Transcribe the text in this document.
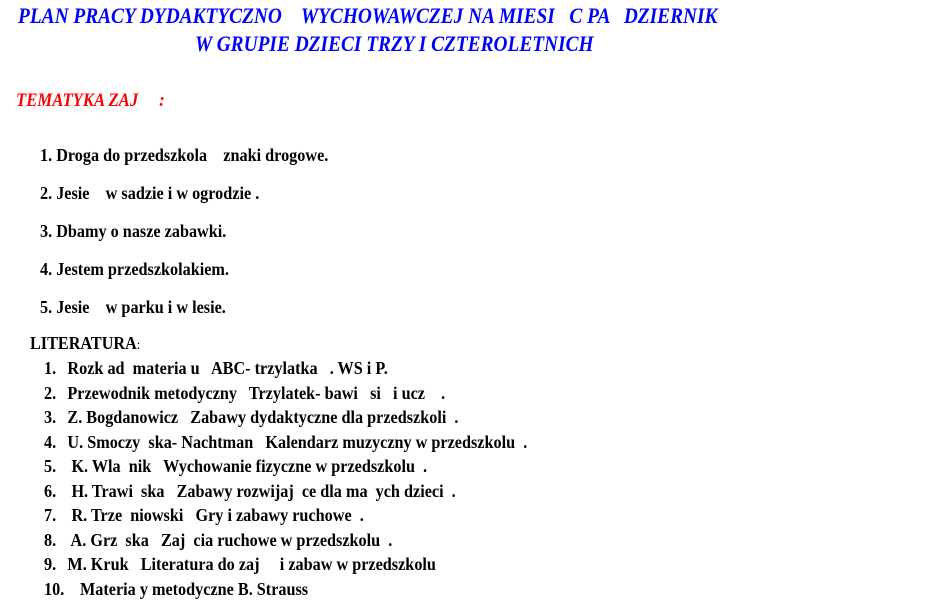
PLAN PRACY DYDAKTYCZNO    WYCHOWAWCZEJ NA MIESI   C PA   DZIERNIK
W GRUPIE DZIECI TRZY I CZTEROLETNICH
TEMATYKA ZAJ     :
1. Droga do przedszkola    znaki drogowe.
2. Jesie    w sadzie i w ogrodzie .
3. Dbamy o nasze zabawki.
4. Jestem przedszkolakiem.
5. Jesie    w parku i w lesie.
LITERATURA:
1. Rozk ad  materia u   ABC- trzylatka   . WS i P.
2. Przewodnik metodyczny   Trzylatek- bawi   si   i ucz    .
3. Z. Bogdanowicz   Zabawy dydaktyczne dla przedszkoli  .
4. U. Smoczy  ska- Nachtman   Kalendarz muzyczny w przedszkolu  .
5. K. Wla  nik   Wychowanie fizyczne w przedszkolu  .
6. H. Trawi  ska   Zabawy rozwijaj  ce dla ma  ych dzieci  .
7. R. Trze  niowski   Gry i zabawy ruchowe  .
8. A. Grz  ska   Zaj  cia ruchowe w przedszkolu  .
9. M. Kruk   Literatura do zaj     i zabaw w przedszkolu
10. Materia y metodyczne B. Strauss
